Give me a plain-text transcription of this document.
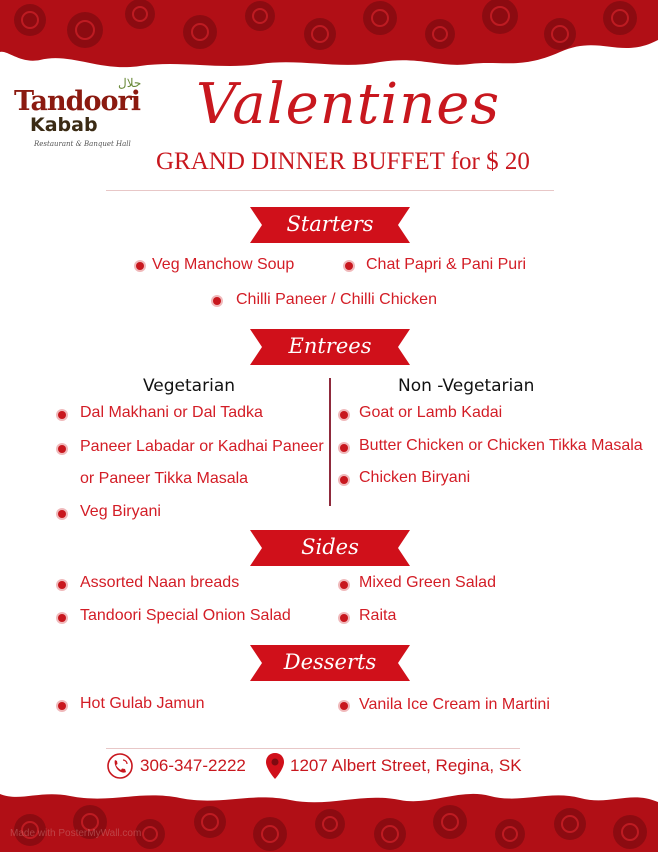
حلال
Tandoori
Kabab
Restaurant & Banquet Hall
Valentines
GRAND DINNER BUFFET for $ 20
Starters
Veg Manchow Soup	Chat Papri & Pani Puri
Chilli Paneer / Chilli Chicken
Entrees
Vegetarian	Non -Vegetarian
Dal Makhani or Dal Tadka
Paneer Labadar or Kadhai Paneer
or Paneer Tikka Masala
Veg Biryani
Goat or Lamb Kadai
Butter Chicken or Chicken Tikka Masala
Chicken Biryani
Sides
Assorted Naan breads
Tandoori Special Onion Salad
Mixed Green Salad
Raita
Desserts
Hot Gulab Jamun	Vanila Ice Cream in Martini
306-347-2222	1207 Albert Street, Regina, SK
Made with PosterMyWall.com
